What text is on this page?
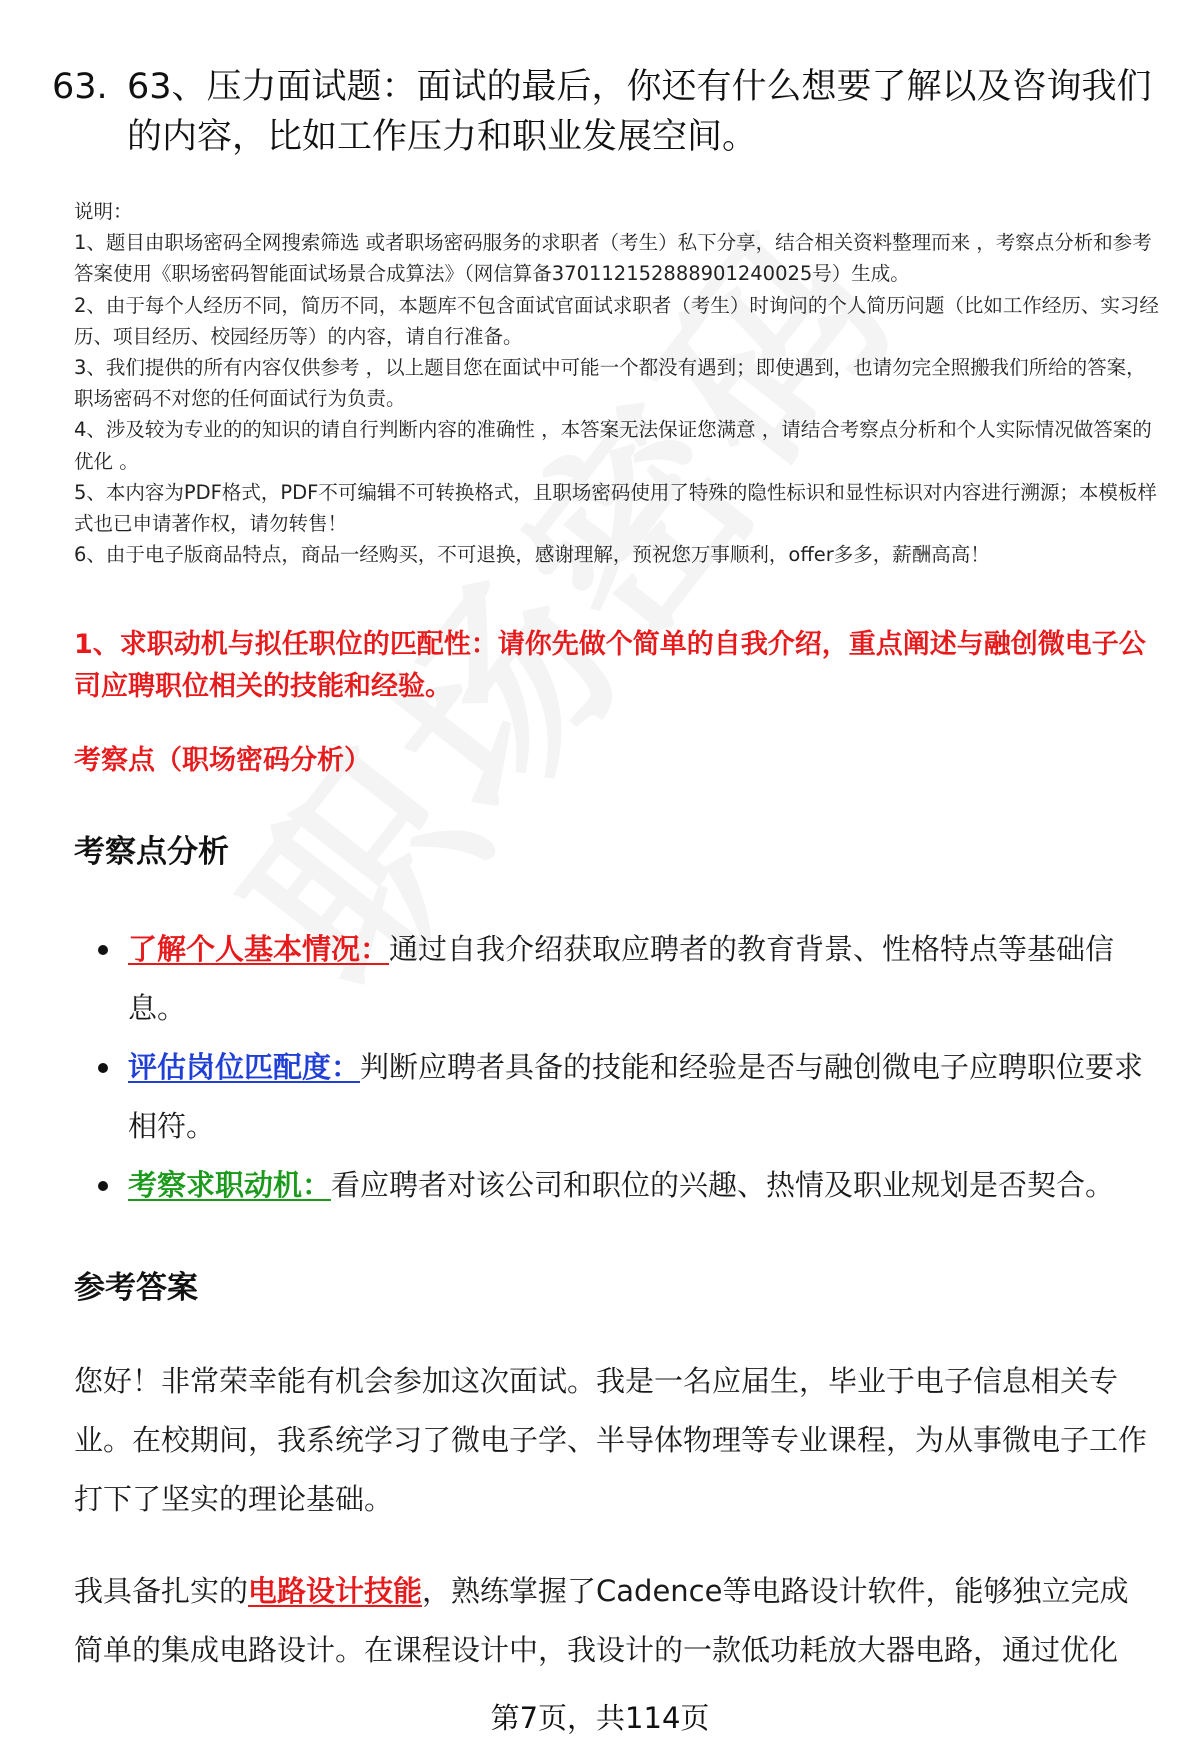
63. 63、压力面试题：面试的最后，你还有什么想要了解以及咨询我们的内容，比如工作压力和职业发展空间。

说明：

1、题目由职场密码全网搜索筛选 或者职场密码服务的求职者（考生）私下分享，结合相关资料整理而来 ，考察点分析和参考答案使用《职场密码智能面试场景合成算法》（网信算备370112152888901240025号）生成。

2、由于每个人经历不同，简历不同，本题库不包含面试官面试求职者（考生）时询问的个人简历问题（比如工作经历、实习经历、项目经历、校园经历等）的内容，请自行准备。

3、我们提供的所有内容仅供参考 ，以上题目您在面试中可能一个都没有遇到；即使遇到，也请勿完全照搬我们所给的答案，职场密码不对您的任何面试行为负责。

4、涉及较为专业的的知识的请自行判断内容的准确性 ，本答案无法保证您满意 ，请结合考察点分析和个人实际情况做答案的优化 。

5、本内容为PDF格式，PDF不可编辑不可转换格式，且职场密码使用了特殊的隐性标识和显性标识对内容进行溯源；本模板样式也已申请著作权，请勿转售！

6、由于电子版商品特点，商品一经购买，不可退换，感谢理解，预祝您万事顺利，offer多多，薪酬高高！

1、求职动机与拟任职位的匹配性：请你先做个简单的自我介绍，重点阐述与融创微电子公司应聘职位相关的技能和经验。
考察点（职场密码分析）
考察点分析
了解个人基本情况：通过自我介绍获取应聘者的教育背景、性格特点等基础信息。
评估岗位匹配度：判断应聘者具备的技能和经验是否与融创微电子应聘职位要求相符。
考察求职动机：看应聘者对该公司和职位的兴趣、热情及职业规划是否契合。
参考答案

您好！非常荣幸能有机会参加这次面试。我是一名应届生，毕业于电子信息相关专业。在校期间，我系统学习了微电子学、半导体物理等专业课程，为从事微电子工作打下了坚实的理论基础。

我具备扎实的电路设计技能，熟练掌握了Cadence等电路设计软件，能够独立完成简单的集成电路设计。在课程设计中，我设计的一款低功耗放大器电路，通过优化

第7页，共114页
